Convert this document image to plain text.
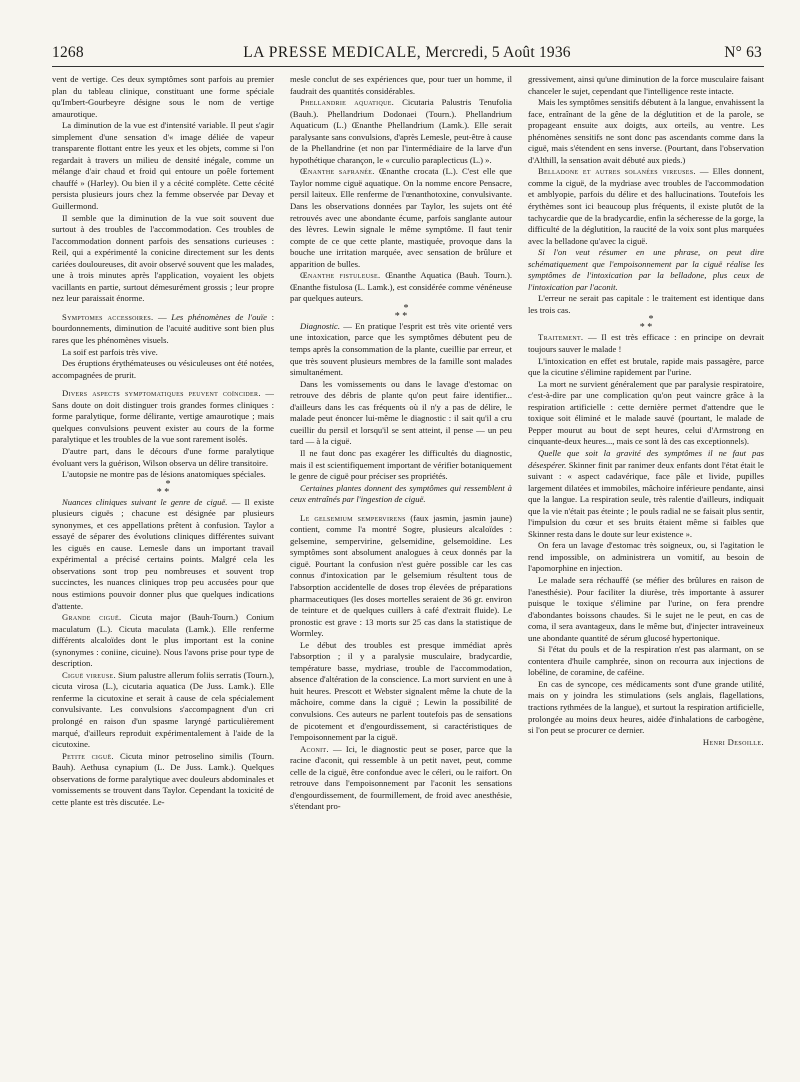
1268	LA PRESSE MEDICALE, Mercredi, 5 Août 1936	N° 63

vent de vertige. Ces deux symptômes sont parfois au premier plan du tableau clinique, constituant une forme spéciale qu'Imbert-Gourbeyre désigne sous le nom de vertige amaurotique.

La diminution de la vue est d'intensité variable. Il peut s'agir simplement d'une sensation d'« image déliée de vapeur transparente flottant entre les yeux et les objets, comme si l'on regardait à travers un milieu de densité inégale, comme un mélange d'air chaud et froid qui entoure un poêle fortement chauffé » (Harley). Ou bien il y a cécité complète. Cette cécité persista plusieurs jours chez la femme observée par Devay et Guillermond.

Il semble que la diminution de la vue soit souvent due surtout à des troubles de l'accommodation. Ces troubles de l'accommodation donnent parfois des sensations curieuses : Reil, qui a expérimenté la conicine directement sur les dents cariées douloureuses, dit avoir observé souvent que les malades, une à trois minutes après l'application, voyaient les objets vacillants en partie, surtout démesurément grossis ; leur propre nez leur paraissait énorme.

Symptomes accessoires. — Les phénomènes de l'ouïe : bourdonnements, diminution de l'acuité auditive sont bien plus rares que les phénomènes visuels.

La soif est parfois très vive.

Des éruptions érythémateuses ou vésiculeuses ont été notées, accompagnées de prurit.

Divers aspects symptomatiques peuvent coïncider. — Sans doute on doit distinguer trois grandes formes cliniques : forme paralytique, forme délirante, vertige amaurotique ; mais quelques convulsions peuvent exister au cours de la forme paralytique et les troubles de la vue sont rarement isolés.

D'autre part, dans le décours d'une forme paralytique évoluant vers la guérison, Wilson observa un délire transitoire.

L'autopsie ne montre pas de lésions anatomiques spéciales.

*
* *

Nuances cliniques suivant le genre de ciguë. — Il existe plusieurs ciguës ; chacune est désignée par plusieurs synonymes, et ces appellations prêtent à confusion. Taylor a essayé de séparer des évolutions cliniques différentes suivant les ciguës en cause. Lemesle dans un important travail expérimental a précisé certains points. Malgré cela les observations sont trop peu nombreuses et souvent trop succinctes, les nuances cliniques trop peu accusées pour que nous estimions pouvoir donner plus que quelques indications d'attente.

Grande ciguë. Cicuta major (Bauh-Tourn.) Conium maculatum (L.). Cicuta maculata (Lamk.). Elle renferme différents alcaloïdes dont le plus important est la conine (synonymes : coniine, cicuine). Nous l'avons prise pour type de description.

Ciguë vireuse. Sium palustre allerum foliis serratis (Tourn.), cicuta virosa (L.), cicutaria aquatica (De Juss. Lamk.). Elle renferme la cicutoxine et serait à cause de cela spécialement convulsivante. Les convulsions s'accompagnent d'un cri prolongé en raison d'un spasme laryngé particulièrement marqué, d'ailleurs reproduit expérimentalement à l'aide de la cicutoxine.

Petite ciguë. Cicuta minor petroselino similis (Tourn. Bauh). Aethusa cynapium (L. De Juss. Lamk.). Quelques observations de forme paralytique avec douleurs abdominales et vomissements se trouvent dans Taylor. Cependant la toxicité de cette plante est très discutée. Le-

mesle conclut de ses expériences que, pour tuer un homme, il faudrait des quantités considérables.

Phellandrie aquatique. Cicutaria Palustris Tenufolia (Bauh.). Phellandrium Dodonaei (Tourn.). Phellandrium Aquaticum (L.) Œnanthe Phellandrium (Lamk.). Elle serait paralysante sans convulsions, d'après Lemesle, peut-être à cause de la Phellandrine (et non par l'intermédiaire de la larve d'un hypothétique charançon, le « curculio paraplecticus (L.) ».

Œnanthe safranée. Œnanthe crocata (L.). C'est elle que Taylor nomme ciguë aquatique. On la nomme encore Pensacre, persil laiteux. Elle renferme de l'œnanthotoxine, convulsivante. Dans les observations données par Taylor, les sujets ont été retrouvés avec une abondante écume, parfois sanglante autour des lèvres. Lewin signale le même symptôme. Il faut tenir compte de ce que cette plante, mastiquée, provoque dans la bouche une irritation marquée, avec sensation de brûlure et apparition de bulles.

Œnanthe fistuleuse. Œnanthe Aquatica (Bauh. Tourn.). Œnanthe fistulosa (L. Lamk.), est considérée comme vénéneuse par quelques auteurs.

*
* *

Diagnostic. — En pratique l'esprit est très vite orienté vers une intoxication, parce que les symptômes débutent peu de temps après la consommation de la plante, cueillie par erreur, et que très souvent plusieurs membres de la famille sont malades simultanément.

Dans les vomissements ou dans le lavage d'estomac on retrouve des débris de plante qu'on peut faire identifier... d'ailleurs dans les cas fréquents où il n'y a pas de délire, le malade peut énoncer lui-même le diagnostic : il sait qu'il a cru cueillir du persil et lorsqu'il se sent atteint, il pense — un peu tard — à la ciguë.

Il ne faut donc pas exagérer les difficultés du diagnostic, mais il est scientifiquement important de vérifier botaniquement le genre de ciguë pour préciser ses propriétés.

Certaines plantes donnent des symptômes qui ressemblent à ceux entraînés par l'ingestion de ciguë.

Le gelsemium sempervirens (faux jasmin, jasmin jaune) contient, comme l'a montré Sogre, plusieurs alcaloïdes : gelsemine, sempervirine, gelsemidine, gelsemoïdine. Les symptômes sont absolument analogues à ceux donnés par la ciguë. Pourtant la confusion n'est guère possible car les cas connus d'intoxication par le gelsemium résultent tous de l'absorption accidentelle de doses trop élevées de préparations pharmaceutiques (les doses mortelles seraient de 36 gr. environ de teinture et de quelques cuillers à café d'extrait fluide). Le pronostic est grave : 13 morts sur 25 cas dans la statistique de Wormley.

Le début des troubles est presque immédiat après l'absorption ; il y a paralysie musculaire, bradycardie, température basse, mydriase, trouble de l'accommodation, absence d'altération de la conscience. La mort survient en une à huit heures. Prescott et Webster signalent même la chute de la mâchoire, comme dans la ciguë ; Lewin la possibilité de convulsions. Ces auteurs ne parlent toutefois pas de sensations de picotement et d'engourdissement, si caractéristiques de l'empoisonnement par la ciguë.

Aconit. — Ici, le diagnostic peut se poser, parce que la racine d'aconit, qui ressemble à un petit navet, peut, comme celle de la ciguë, être confondue avec le céleri, ou le raifort. On retrouve dans l'empoisonnement par l'aconit les sensations d'engourdissement, de fourmillement, de froid avec anesthésie, s'étendant pro-

gressivement, ainsi qu'une diminution de la force musculaire faisant chanceler le sujet, cependant que l'intelligence reste intacte.

Mais les symptômes sensitifs débutent à la langue, envahissent la face, entraînant de la gêne de la déglutition et de la parole, se propageant ensuite aux doigts, aux orteils, au ventre. Les phénomènes sensitifs ne sont donc pas ascendants comme dans la ciguë, mais s'étendent en sens inverse. (Pourtant, dans l'observation d'Althill, la sensation avait débuté aux pieds.)

Belladone et autres solanées vireuses. — Elles donnent, comme la ciguë, de la mydriase avec troubles de l'accommodation et amblyopie, parfois du délire et des hallucinations. Toutefois les érythèmes sont ici beaucoup plus fréquents, il existe plutôt de la tachycardie que de la bradycardie, enfin la sécheresse de la gorge, la difficulté de la déglutition, la raucité de la voix sont plus marquées avec la belladone qu'avec la ciguë.

Si l'on veut résumer en une phrase, on peut dire schématiquement que l'empoisonnement par la ciguë réalise les symptômes de l'intoxication par la belladone, plus ceux de l'intoxication par l'aconit.

L'erreur ne serait pas capitale : le traitement est identique dans les trois cas.

*
* *

Traitement. — Il est très efficace : en principe on devrait toujours sauver le malade !

L'intoxication en effet est brutale, rapide mais passagère, parce que la cicutine s'élimine rapidement par l'urine.

La mort ne survient généralement que par paralysie respiratoire, c'est-à-dire par une complication qu'on peut vaincre grâce à la respiration artificielle : cette dernière permet d'attendre que le toxique soit éliminé et le malade sauvé (pourtant, le malade de Pepper mourut au bout de sept heures, celui d'Armstrong en cinquante-deux heures..., mais ce sont là des cas exceptionnels).

Quelle que soit la gravité des symptômes il ne faut pas désespérer. Skinner finit par ranimer deux enfants dont l'état était le suivant : « aspect cadavérique, face pâle et livide, pupilles largement dilatées et immobiles, mâchoire inférieure pendante, ainsi que la langue. La respiration seule, très ralentie d'ailleurs, indiquait que la vie n'était pas éteinte ; le pouls radial ne se faisait plus sentir, l'impulsion du cœur et ses bruits étaient même si faibles que Skinner resta dans le doute sur leur existence ».

On fera un lavage d'estomac très soigneux, ou, si l'agitation le rend impossible, on administrera un vomitif, au besoin de l'apomorphine en injection.

Le malade sera réchauffé (se méfier des brûlures en raison de l'anesthésie). Pour faciliter la diurèse, très importante à assurer puisque le toxique s'élimine par l'urine, on fera prendre d'abondantes boissons chaudes. Si le sujet ne le peut, en cas de coma, il sera avantageux, dans le même but, d'injecter intraveineux une abondante quantité de sérum glucosé hypertonique.

Si l'état du pouls et de la respiration n'est pas alarmant, on se contentera d'huile camphrée, sinon on recourra aux injections de lobéline, de coramine, de caféine.

En cas de syncope, ces médicaments sont d'une grande utilité, mais on y joindra les stimulations (sels anglais, flagellations, tractions rythmées de la langue), et surtout la respiration artificielle, prolongée au moins deux heures, aidée d'inhalations de carbogène, si l'on peut se procurer ce dernier.
Henri Desoille.
